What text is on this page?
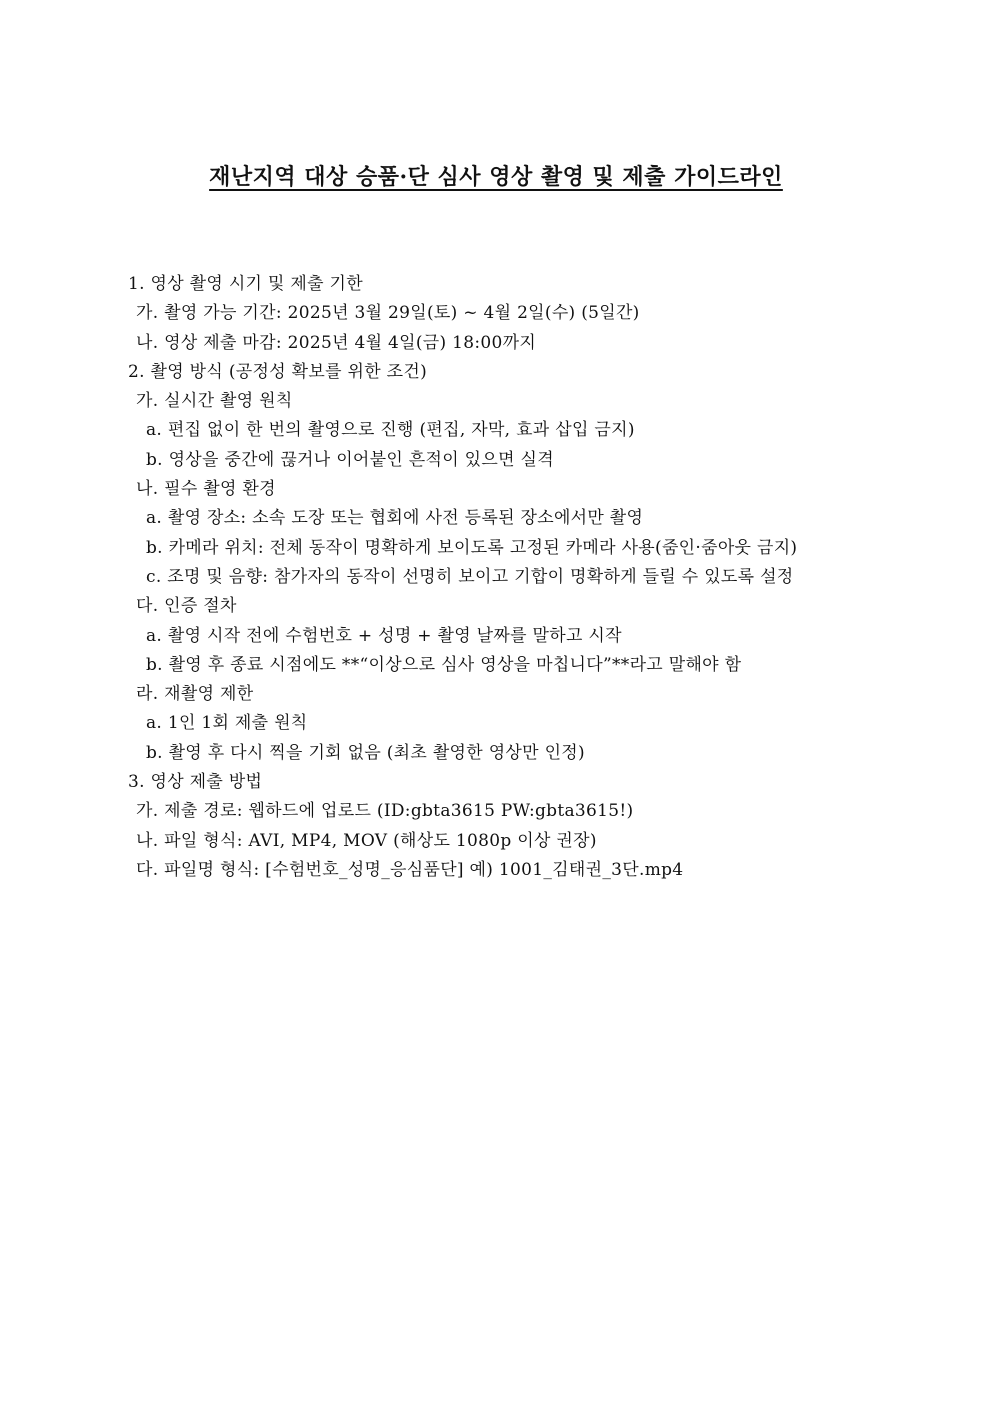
재난지역 대상 승품·단 심사 영상 촬영 및 제출 가이드라인
1. 영상 촬영 시기 및 제출 기한
가. 촬영 가능 기간: 2025년 3월 29일(토) ~ 4월 2일(수) (5일간)
나. 영상 제출 마감: 2025년 4월 4일(금) 18:00까지
2. 촬영 방식 (공정성 확보를 위한 조건)
가. 실시간 촬영 원칙
a. 편집 없이 한 번의 촬영으로 진행 (편집, 자막, 효과 삽입 금지)
b. 영상을 중간에 끊거나 이어붙인 흔적이 있으면 실격
나. 필수 촬영 환경
a. 촬영 장소: 소속 도장 또는 협회에 사전 등록된 장소에서만 촬영
b. 카메라 위치: 전체 동작이 명확하게 보이도록 고정된 카메라 사용(줌인·줌아웃 금지)
c. 조명 및 음향: 참가자의 동작이 선명히 보이고 기합이 명확하게 들릴 수 있도록 설정
다. 인증 절차
a. 촬영 시작 전에 수험번호 + 성명 + 촬영 날짜를 말하고 시작
b. 촬영 후 종료 시점에도 **“이상으로 심사 영상을 마칩니다”**라고 말해야 함
라. 재촬영 제한
a. 1인 1회 제출 원칙
b. 촬영 후 다시 찍을 기회 없음 (최초 촬영한 영상만 인정)
3. 영상 제출 방법
가. 제출 경로: 웹하드에 업로드 (ID:gbta3615 PW:gbta3615!)
나. 파일 형식: AVI, MP4, MOV (해상도 1080p 이상 권장)
다. 파일명 형식: [수험번호_성명_응심품단] 예) 1001_김태권_3단.mp4
